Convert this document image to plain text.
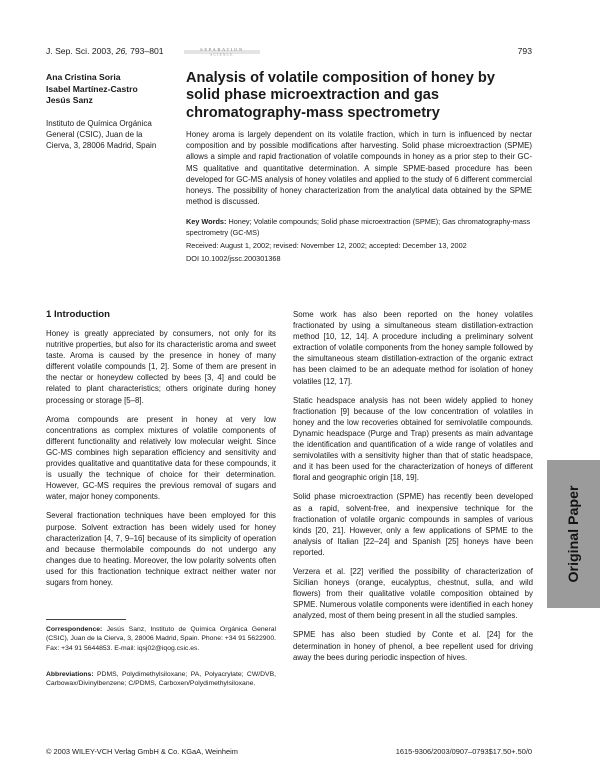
J. Sep. Sci. 2003, 26, 793–801	SEPARATION
SCIENCE	793
Ana Cristina Soria
Isabel Martínez-Castro
Jesús Sanz
Instituto de Química Orgánica
General (CSIC), Juan de la
Cierva, 3, 28006 Madrid, Spain
Analysis of volatile composition of honey by solid phase microextraction and gas chromatography-mass spectrometry

Honey aroma is largely dependent on its volatile fraction, which in turn is influenced by nectar composition and by possible modifications after harvesting. Solid phase microextraction (SPME) allows a simple and rapid fractionation of volatile compounds in honey as a prior step to their GC-MS qualitative and quantitative determination. A simple SPME-based procedure has been developed for GC-MS analysis of honey volatiles and applied to the study of 6 different commercial honeys. The possibility of honey characterization from the analytical data obtained by the SPME method is discussed.

Key Words: Honey; Volatile compounds; Solid phase microextraction (SPME); Gas chromatography-mass spectrometry (GC-MS)

Received: August 1, 2002; revised: November 12, 2002; accepted: December 13, 2002

DOI 10.1002/jssc.200301368

1 Introduction

Honey is greatly appreciated by consumers, not only for its nutritive properties, but also for its characteristic aroma and sweet taste. Aroma is caused by the presence in honey of many different volatile compounds [1, 2]. Some of them are present in the nectar or honeydew collected by bees [3, 4] and could be related to plant characteristics; others originate during honey processing or storage [5–8].

Aroma compounds are present in honey at very low concentrations as complex mixtures of volatile components of different functionality and relatively low molecular weight. Since GC-MS combines high separation efficiency and sensitivity and provides qualitative and quantitative data for these compounds, it is usually the technique of choice for their determination. However, GC-MS requires the previous removal of sugars and water, major honey components.

Several fractionation techniques have been employed for this purpose. Solvent extraction has been widely used for honey characterization [4, 7, 9–16] because of its simplicity of operation and because thermolabile compounds do not undergo any changes due to heating. Moreover, the low polarity solvents often used for this fractionation technique extract neither water nor sugars from honey.

Correspondence: Jesús Sanz, Instituto de Química Orgánica General (CSIC), Juan de la Cierva, 3, 28006 Madrid, Spain. Phone: +34 91 5622900. Fax: +34 91 5644853. E-mail: iqsj02@iqog.csic.es.

Abbreviations: PDMS, Polydimethylsiloxane; PA, Polyacrylate; CW/DVB, Carbowax/Divinylbenzene; C/PDMS, Carboxen/Polydimethylsiloxane.

Some work has also been reported on the honey volatiles fractionated by using a simultaneous steam distillation-extraction method [10, 12, 14]. A procedure including a preliminary solvent extraction of volatile components from the honey sample followed by the simultaneous steam distillation-extraction of the organic extract has been claimed to be an adequate method for isolation of honey volatiles [12, 17].

Static headspace analysis has not been widely applied to honey fractionation [9] because of the low concentration of volatiles in honey and the low recoveries obtained for semivolatile compounds. Dynamic headspace (Purge and Trap) presents as main advantage the identification and quantification of a wide range of volatiles and semivolatiles with a sensitivity higher than that of static headspace, and it has been used for the characterization of honeys of different floral and geographic origin [18, 19].

Solid phase microextraction (SPME) has recently been developed as a rapid, solvent-free, and inexpensive technique for the fractionation of volatile organic compounds in samples of various kinds [20, 21]. However, only a few applications of SPME to the analysis of Italian [22–24] and Spanish [25] honeys have been reported.

Verzera et al. [22] verified the possibility of characterization of Sicilian honeys (orange, eucalyptus, chestnut, sulla, and wild flowers) from their qualitative volatile composition obtained by SPME. Numerous volatile components were identified in each honey analyzed, most of them being present in all the studied samples.

SPME has also been studied by Conte et al. [24] for the determination in honey of phenol, a bee repellent used for driving away the bees during periodic inspection of hives.

Original Paper
© 2003 WILEY-VCH Verlag GmbH & Co. KGaA, Weinheim	1615-9306/2003/0907–0793$17.50+.50/0
